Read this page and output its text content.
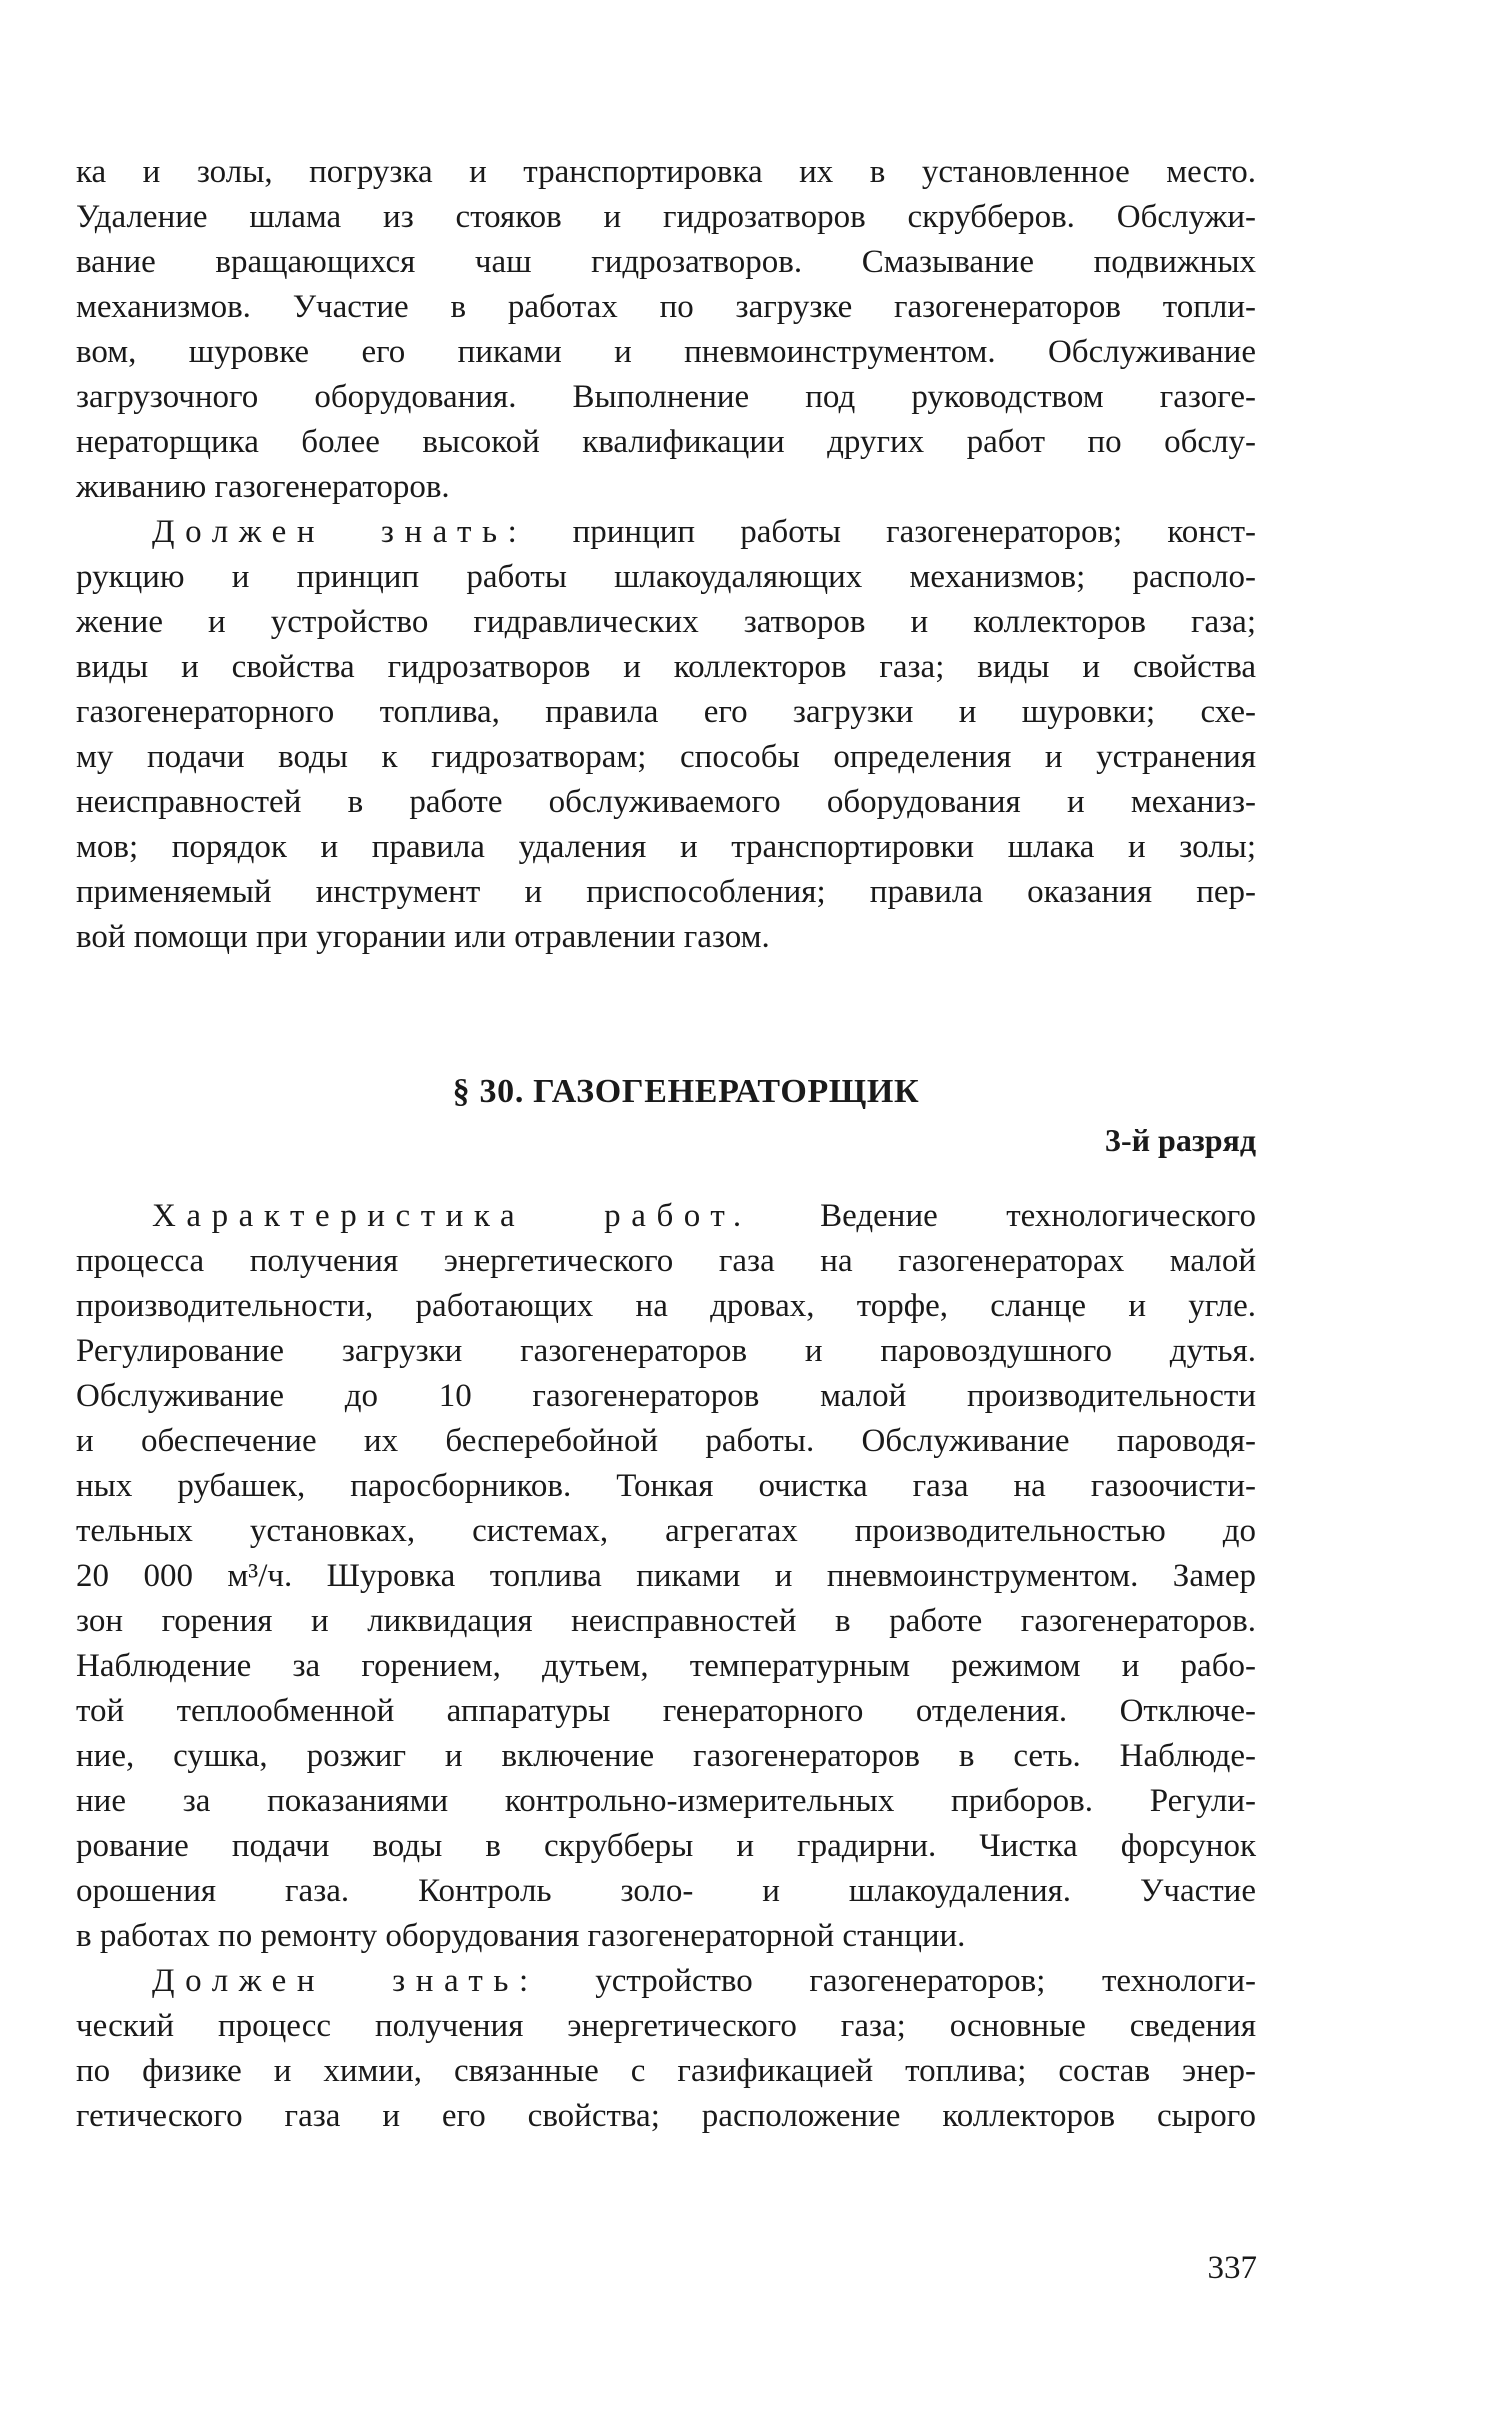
ка и золы, погрузка и транспортировка их в установленное место.
Удаление шлама из стояков и гидрозатворов скрубберов. Обслужи-
вание вращающихся чаш гидрозатворов. Смазывание подвижных
механизмов. Участие в работах по загрузке газогенераторов топли-
вом, шуровке его пиками и пневмоинструментом. Обслуживание
загрузочного оборудования. Выполнение под руководством газоге-
нераторщика более высокой квалификации других работ по обслу-
живанию газогенераторов.
Должен знать: принцип работы газогенераторов; конст-
рукцию и принцип работы шлакоудаляющих механизмов; располо-
жение и устройство гидравлических затворов и коллекторов газа;
виды и свойства гидрозатворов и коллекторов газа; виды и свойства
газогенераторного топлива, правила его загрузки и шуровки; схе-
му подачи воды к гидрозатворам; способы определения и устранения
неисправностей в работе обслуживаемого оборудования и механиз-
мов; порядок и правила удаления и транспортировки шлака и золы;
применяемый инструмент и приспособления; правила оказания пер-
вой помощи при угорании или отравлении газом.
§ 30. ГАЗОГЕНЕРАТОРЩИК
3-й разряд
Характеристика работ. Ведение технологического
процесса получения энергетического газа на газогенераторах малой
производительности, работающих на дровах, торфе, сланце и угле.
Регулирование загрузки газогенераторов и паровоздушного дутья.
Обслуживание до 10 газогенераторов малой производительности
и обеспечение их бесперебойной работы. Обслуживание пароводя-
ных рубашек, паросборников. Тонкая очистка газа на газоочисти-
тельных установках, системах, агрегатах производительностью до
20 000 м³/ч. Шуровка топлива пиками и пневмоинструментом. Замер
зон горения и ликвидация неисправностей в работе газогенераторов.
Наблюдение за горением, дутьем, температурным режимом и рабо-
той теплообменной аппаратуры генераторного отделения. Отключе-
ние, сушка, розжиг и включение газогенераторов в сеть. Наблюде-
ние за показаниями контрольно-измерительных приборов. Регули-
рование подачи воды в скрубберы и градирни. Чистка форсунок
орошения газа. Контроль золо- и шлакоудаления. Участие
в работах по ремонту оборудования газогенераторной станции.
Должен знать: устройство газогенераторов; технологи-
ческий процесс получения энергетического газа; основные сведения
по физике и химии, связанные с газификацией топлива; состав энер-
гетического газа и его свойства; расположение коллекторов сырого
337
